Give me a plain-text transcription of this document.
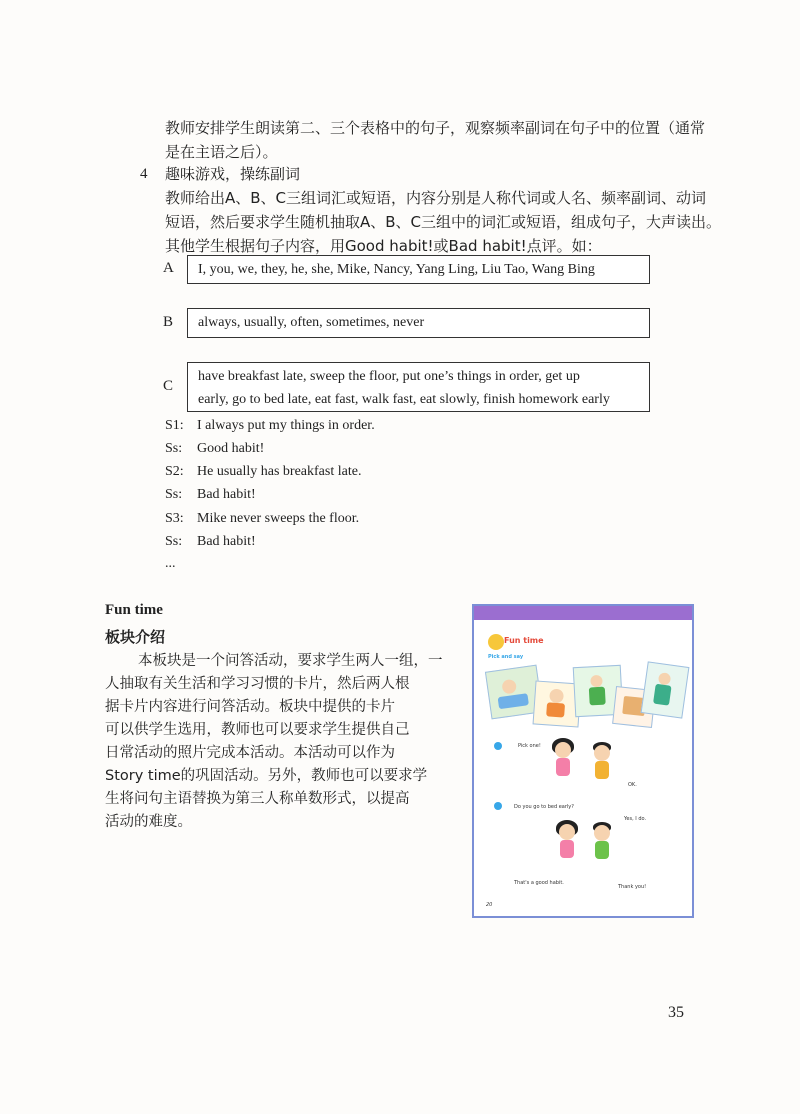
教师安排学生朗读第二、三个表格中的句子，观察频率副词在句子中的位置（通常
是在主语之后）。
4 趣味游戏，操练副词
教师给出A、B、C三组词汇或短语，内容分别是人称代词或人名、频率副词、动词
短语，然后要求学生随机抽取A、B、C三组中的词汇或短语，组成句子，大声读出。
其他学生根据句子内容，用Good habit!或Bad habit!点评。如：
A	I, you, we, they, he, she, Mike, Nancy, Yang Ling, Liu Tao, Wang Bing
B	always, usually, often, sometimes, never
C
have breakfast late, sweep the floor, put one’s things in order, get up
early, go to bed late, eat fast, walk fast, eat slowly, finish homework early
S1: I always put my things in order.
Ss:	Good habit!
S2: He usually has breakfast late.
Ss:	Bad habit!
S3: Mike never sweeps the floor.
Ss:	Bad habit!
...
Fun time
板块介绍
本板块是一个问答活动，要求学生两人一组，一
人抽取有关生活和学习习惯的卡片，然后两人根
据卡片内容进行问答活动。板块中提供的卡片
可以供学生选用，教师也可以要求学生提供自己
日常活动的照片完成本活动。本活动可以作为
Story time的巩固活动。另外，教师也可以要求学
生将问句主语替换为第三人称单数形式，以提高
活动的难度。
Fun time
Pick and say
Pick one!
OK.
Do you go to bed early?
Yes, I do.
That's a good habit.
Thank you!
20
35
